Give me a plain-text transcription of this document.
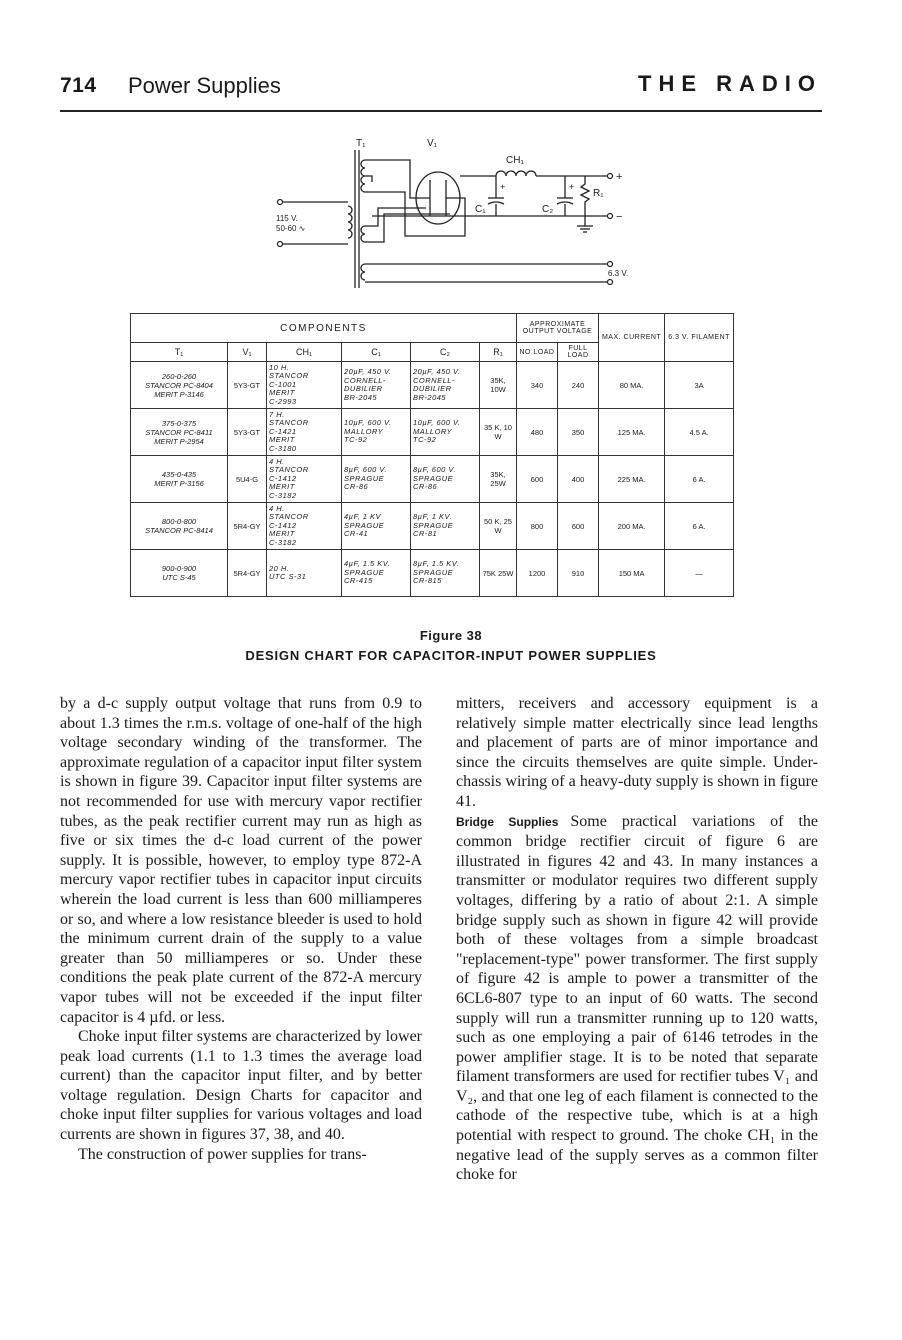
714 Power Supplies	THE RADIO
T₁	V₁
CH₁
C₁	C₂
R₁
+	+
+
−
6.3 V.
115 V.
50-60 ∿
COMPONENTS						APPROXIMATE OUTPUT VOLTAGE		MAX. CURRENT	6.3 V. FILAMENT
T₁	V₁	CH₁	C₁	C₂	R₁	NO LOAD	FULL LOAD		
260-0-260
STANCOR PC-8404
MERIT P-3146	5Y3-GT	10 H.
STANCOR
C-1001
MERIT
C-2993	20µF, 450 V.
CORNELL-
DUBILIER
BR-2045	20µF, 450 V.
CORNELL-
DUBILIER
BR-2045	35K, 10W	340	240	80 MA.	3A
375-0-375
STANCOR PC-8411
MERIT P-2954	5Y3-GT	7 H.
STANCOR
C-1421
MERIT
C-3180	10µF, 600 V.
MALLORY
TC-92	10µF, 600 V.
MALLORY
TC-92	35 K, 10 W	480	350	125 MA.	4.5 A.
435-0-435
MERIT P-3156	5U4-G	4 H.
STANCOR
C-1412
MERIT
C-3182	8µF, 600 V.
SPRAGUE
CR-86	8µF, 600 V.
SPRAGUE
CR-86	35K, 25W	600	400	225 MA.	6 A.
800-0-800
STANCOR PC-8414	5R4-GY	4 H.
STANCOR
C-1412
MERIT
C-3182	4µF, 1 KV
SPRAGUE
CR-41	8µF, 1 KV.
SPRAGUE
CR-81	50 K, 25 W	800	600	200 MA.	6 A.
900-0-900
UTC S-45	5R4-GY	20 H.
UTC S-31	4µF, 1.5 KV.
SPRAGUE
CR-415	8µF, 1.5 KV.
SPRAGUE
CR-815	75K 25W	1200	910	150 MA	—
Figure 38
DESIGN CHART FOR CAPACITOR-INPUT POWER SUPPLIES

by a d-c supply output voltage that runs from 0.9 to about 1.3 times the r.m.s. voltage of one-half of the high voltage secondary winding of the transformer. The approximate regulation of a capacitor input filter system is shown in figure 39. Capacitor input filter systems are not recommended for use with mercury vapor rectifier tubes, as the peak rectifier current may run as high as five or six times the d-c load current of the power supply. It is possible, however, to employ type 872-A mercury vapor rectifier tubes in capacitor input circuits wherein the load current is less than 600 milliamperes or so, and where a low resistance bleeder is used to hold the minimum current drain of the supply to a value greater than 50 milliamperes or so. Under these conditions the peak plate current of the 872-A mercury vapor tubes will not be exceeded if the input filter capacitor is 4 µfd. or less.

Choke input filter systems are characterized by lower peak load currents (1.1 to 1.3 times the average load current) than the capacitor input filter, and by better voltage regulation. Design Charts for capacitor and choke input filter supplies for various voltages and load currents are shown in figures 37, 38, and 40.

The construction of power supplies for trans-

mitters, receivers and accessory equipment is a relatively simple matter electrically since lead lengths and placement of parts are of minor importance and since the circuits themselves are quite simple. Under-chassis wiring of a heavy-duty supply is shown in figure 41.

Bridge Supplies Some practical variations of the common bridge rectifier circuit of figure 6 are illustrated in figures 42 and 43. In many instances a transmitter or modulator requires two different supply voltages, differing by a ratio of about 2:1. A simple bridge supply such as shown in figure 42 will provide both of these voltages from a simple broadcast "replacement-type" power transformer. The first supply of figure 42 is ample to power a transmitter of the 6CL6-807 type to an input of 60 watts. The second supply will run a transmitter running up to 120 watts, such as one employing a pair of 6146 tetrodes in the power amplifier stage. It is to be noted that separate filament transformers are used for rectifier tubes V₁ and V₂, and that one leg of each filament is connected to the cathode of the respective tube, which is at a high potential with respect to ground. The choke CH₁ in the negative lead of the supply serves as a common filter choke for
